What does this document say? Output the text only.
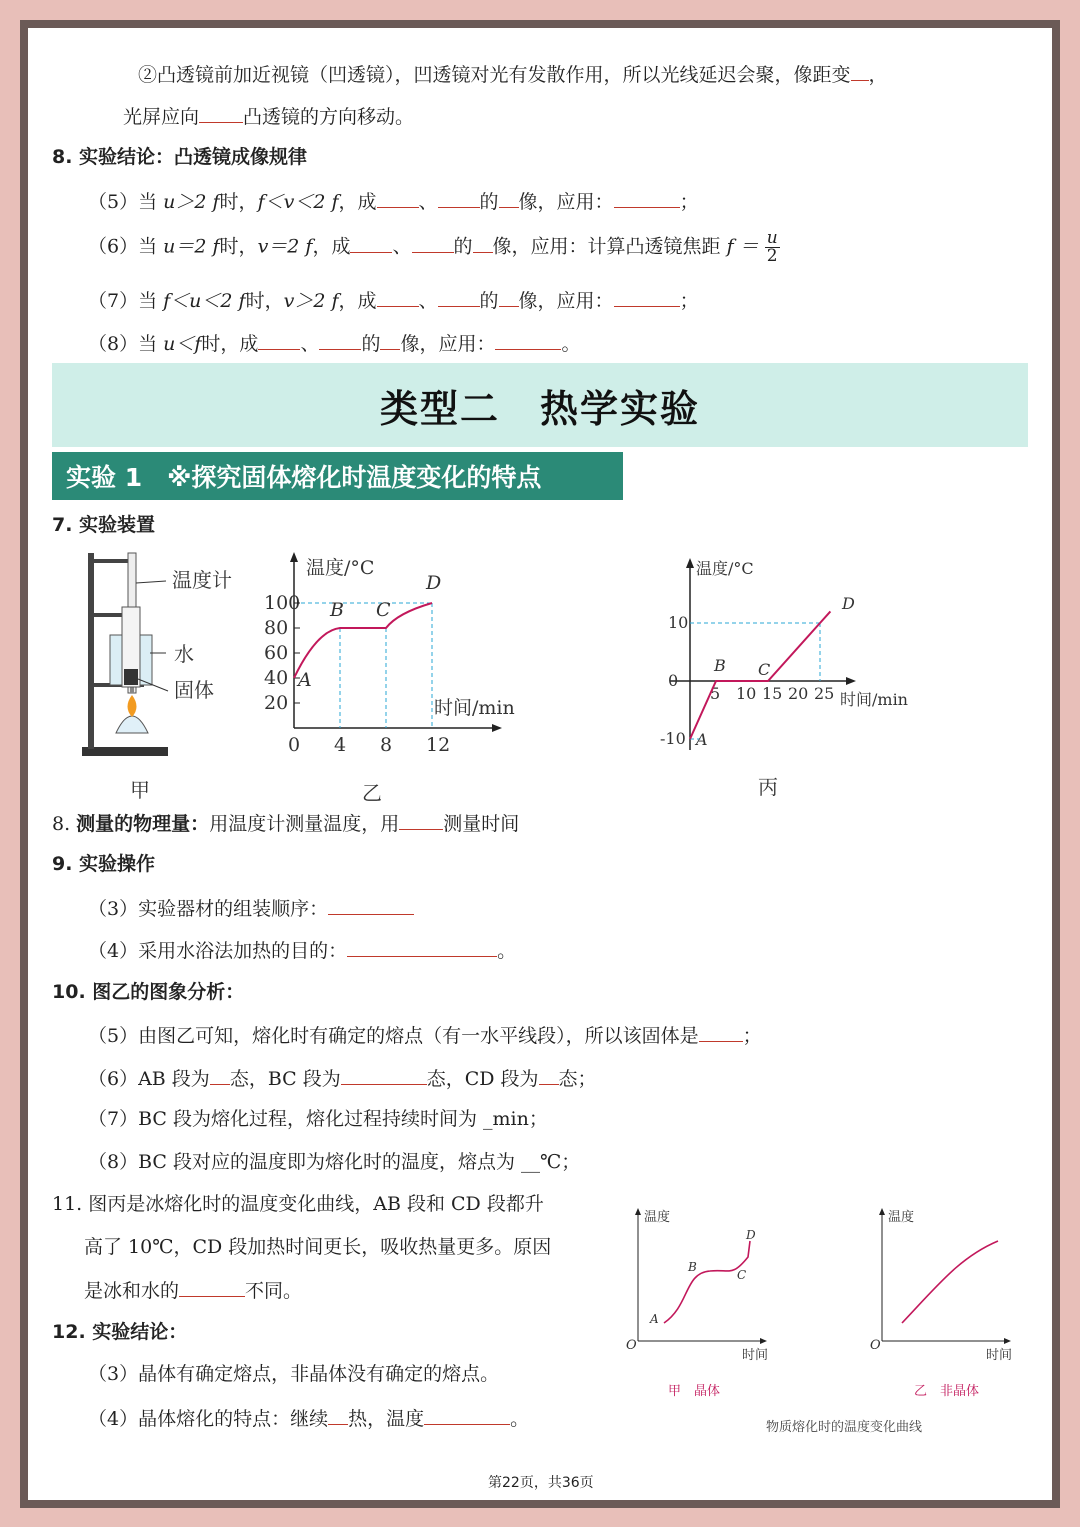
②凸透镜前加近视镜（凹透镜），凹透镜对光有发散作用，所以光线延迟会聚，像距变 ，
光屏应向 凸透镜的方向移动。
8. 实验结论：凸透镜成像规律
（5）当 u＞2 f时，f＜v＜2 f，成 、 的 像，应用：	；
（6）当 u＝2 f时，v＝2 f，成 、 的 像，应用：计算凸透镜焦距 $f = \frac{u}{2}$
（7）当 f＜u＜2 f时，v＞2 f，成 、 的 像，应用：	；
（8）当 u＜f时，成 、 的 像，应用：	。
类型二　热学实验
实验 1　※探究固体熔化时温度变化的特点
7. 实验装置
温度计
水
固体
甲
温度/°C
时间/min
0 4 8 12
20
40
60
80
100
A
B C
D
乙
温度/°C
时间/min
5 10 15 20 25
-10
0
10
A
B C
D
丙
8. 测量的物理量：用温度计测量温度，用 测量时间
9. 实验操作
（3）实验器材的组装顺序：
（4）采用水浴法加热的目的：	。
10. 图乙的图象分析：
（5）由图乙可知，熔化时有确定的熔点（有一水平线段），所以该固体是 ；
（6）AB 段为 态，BC 段为	态，CD 段为 态；
（7）BC 段为熔化过程，熔化过程持续时间为 _min；
（8）BC 段对应的温度即为熔化时的温度，熔点为 __℃；
11. 图丙是冰熔化时的温度变化曲线，AB 段和 CD 段都升
高了 10℃，CD 段加热时间更长，吸收热量更多。原因
是冰和水的	不同。
12. 实验结论：
（3）晶体有确定熔点，非晶体没有确定的熔点。
（4）晶体熔化的特点：继续 热，温度	。
温度
时间
O
A
B
C
D
甲　晶体
温度
时间
O
乙　非晶体
物质熔化时的温度变化曲线
第22页，共36页
